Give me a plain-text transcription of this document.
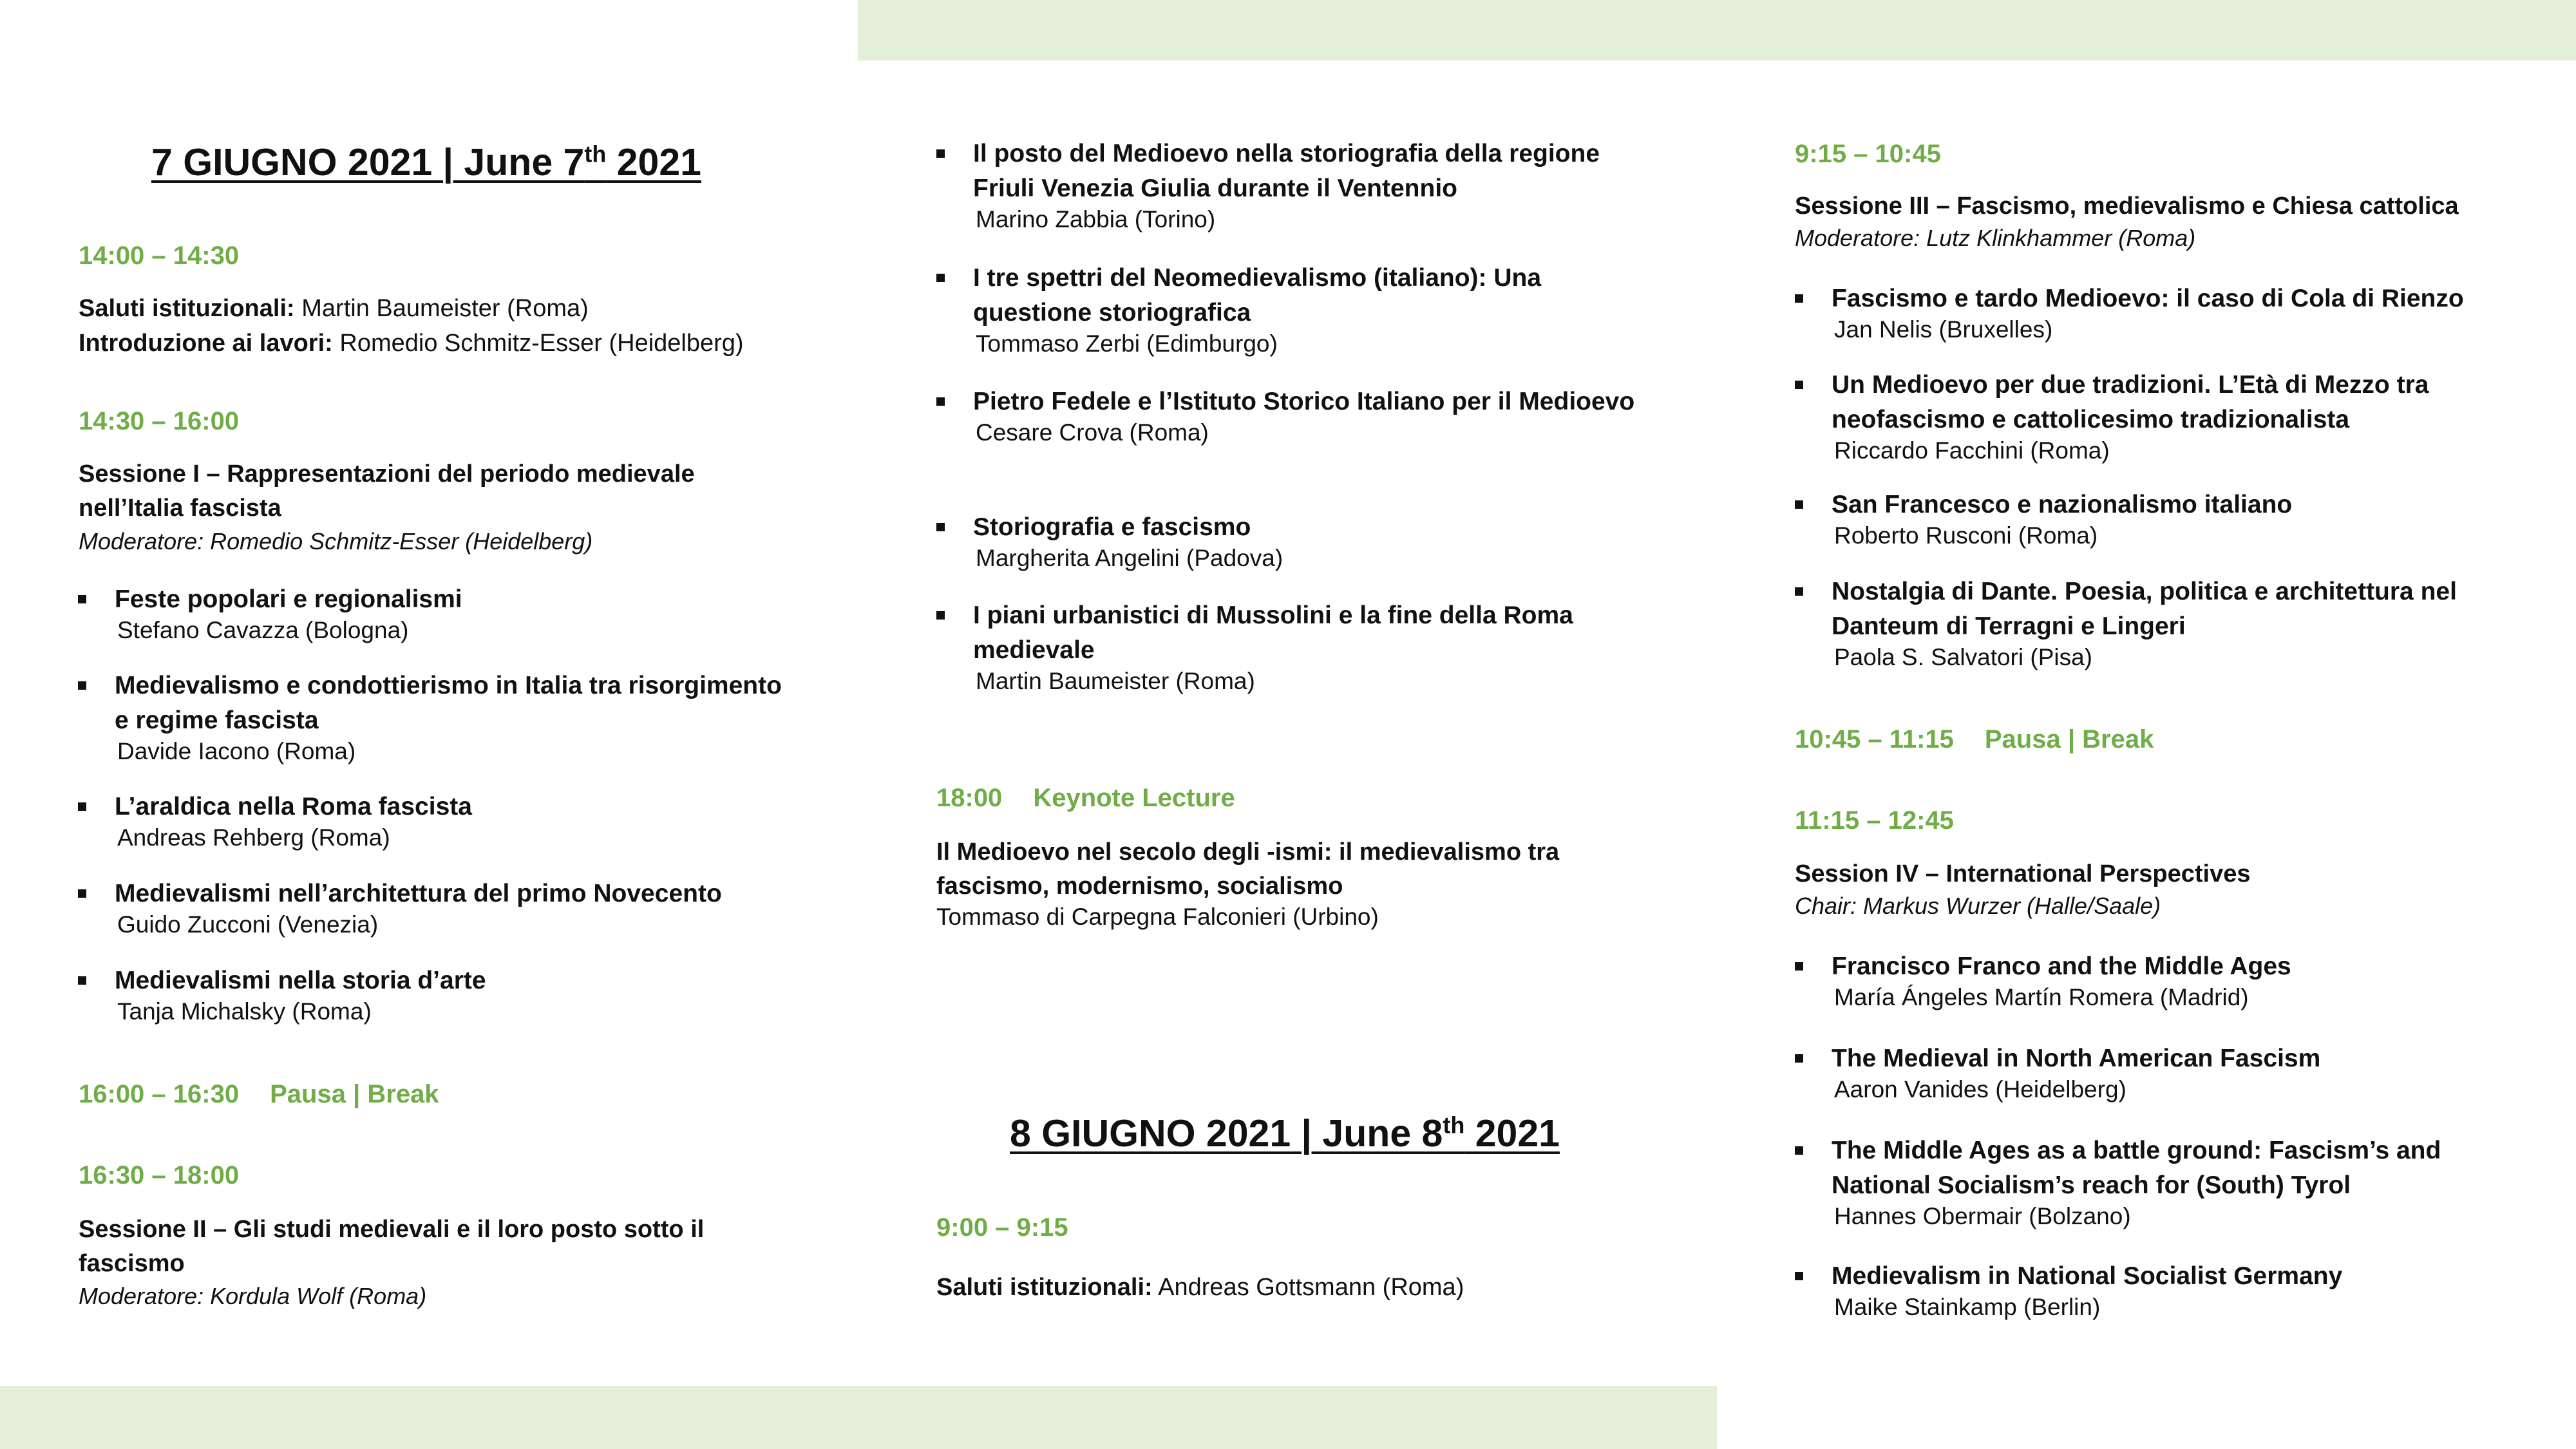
7 GIUGNO 2021 | June 7th 2021
14:00 – 14:30
Saluti istituzionali: Martin Baumeister (Roma)
Introduzione ai lavori: Romedio Schmitz-Esser (Heidelberg)
14:30 – 16:00
Sessione I – Rappresentazioni del periodo medievale
nell’Italia fascista
Moderatore: Romedio Schmitz-Esser (Heidelberg)
Feste popolari e regionalismi
Stefano Cavazza (Bologna)
Medievalismo e condottierismo in Italia tra risorgimento e regime fascista
Davide Iacono (Roma)
L’araldica nella Roma fascista
Andreas Rehberg (Roma)
Medievalismi nell’architettura del primo Novecento
Guido Zucconi (Venezia)
Medievalismi nella storia d’arte
Tanja Michalsky (Roma)
16:00 – 16:30 Pausa | Break
16:30 – 18:00
Sessione II – Gli studi medievali e il loro posto sotto il
fascismo
Moderatore: Kordula Wolf (Roma)
Il posto del Medioevo nella storiografia della regione Friuli Venezia Giulia durante il Ventennio
Marino Zabbia (Torino)
I tre spettri del Neomedievalismo (italiano): Una questione storiografica
Tommaso Zerbi (Edimburgo)
Pietro Fedele e l’Istituto Storico Italiano per il Medioevo
Cesare Crova (Roma)
Storiografia e fascismo
Margherita Angelini (Padova)
I piani urbanistici di Mussolini e la fine della Roma medievale
Martin Baumeister (Roma)
18:00 Keynote Lecture
Il Medioevo nel secolo degli -ismi: il medievalismo tra
fascismo, modernismo, socialismo
Tommaso di Carpegna Falconieri (Urbino)
8 GIUGNO 2021 | June 8th 2021
9:00 – 9:15
Saluti istituzionali: Andreas Gottsmann (Roma)
9:15 – 10:45
Sessione III – Fascismo, medievalismo e Chiesa cattolica
Moderatore: Lutz Klinkhammer (Roma)
Fascismo e tardo Medioevo: il caso di Cola di Rienzo
Jan Nelis (Bruxelles)
Un Medioevo per due tradizioni. L’Età di Mezzo tra neofascismo e cattolicesimo tradizionalista
Riccardo Facchini (Roma)
San Francesco e nazionalismo italiano
Roberto Rusconi (Roma)
Nostalgia di Dante. Poesia, politica e architettura nel Danteum di Terragni e Lingeri
Paola S. Salvatori (Pisa)
10:45 – 11:15 Pausa | Break
11:15 – 12:45
Session IV – International Perspectives
Chair: Markus Wurzer (Halle/Saale)
Francisco Franco and the Middle Ages
María Ángeles Martín Romera (Madrid)
The Medieval in North American Fascism
Aaron Vanides (Heidelberg)
The Middle Ages as a battle ground: Fascism’s and National Socialism’s reach for (South) Tyrol
Hannes Obermair (Bolzano)
Medievalism in National Socialist Germany
Maike Stainkamp (Berlin)
